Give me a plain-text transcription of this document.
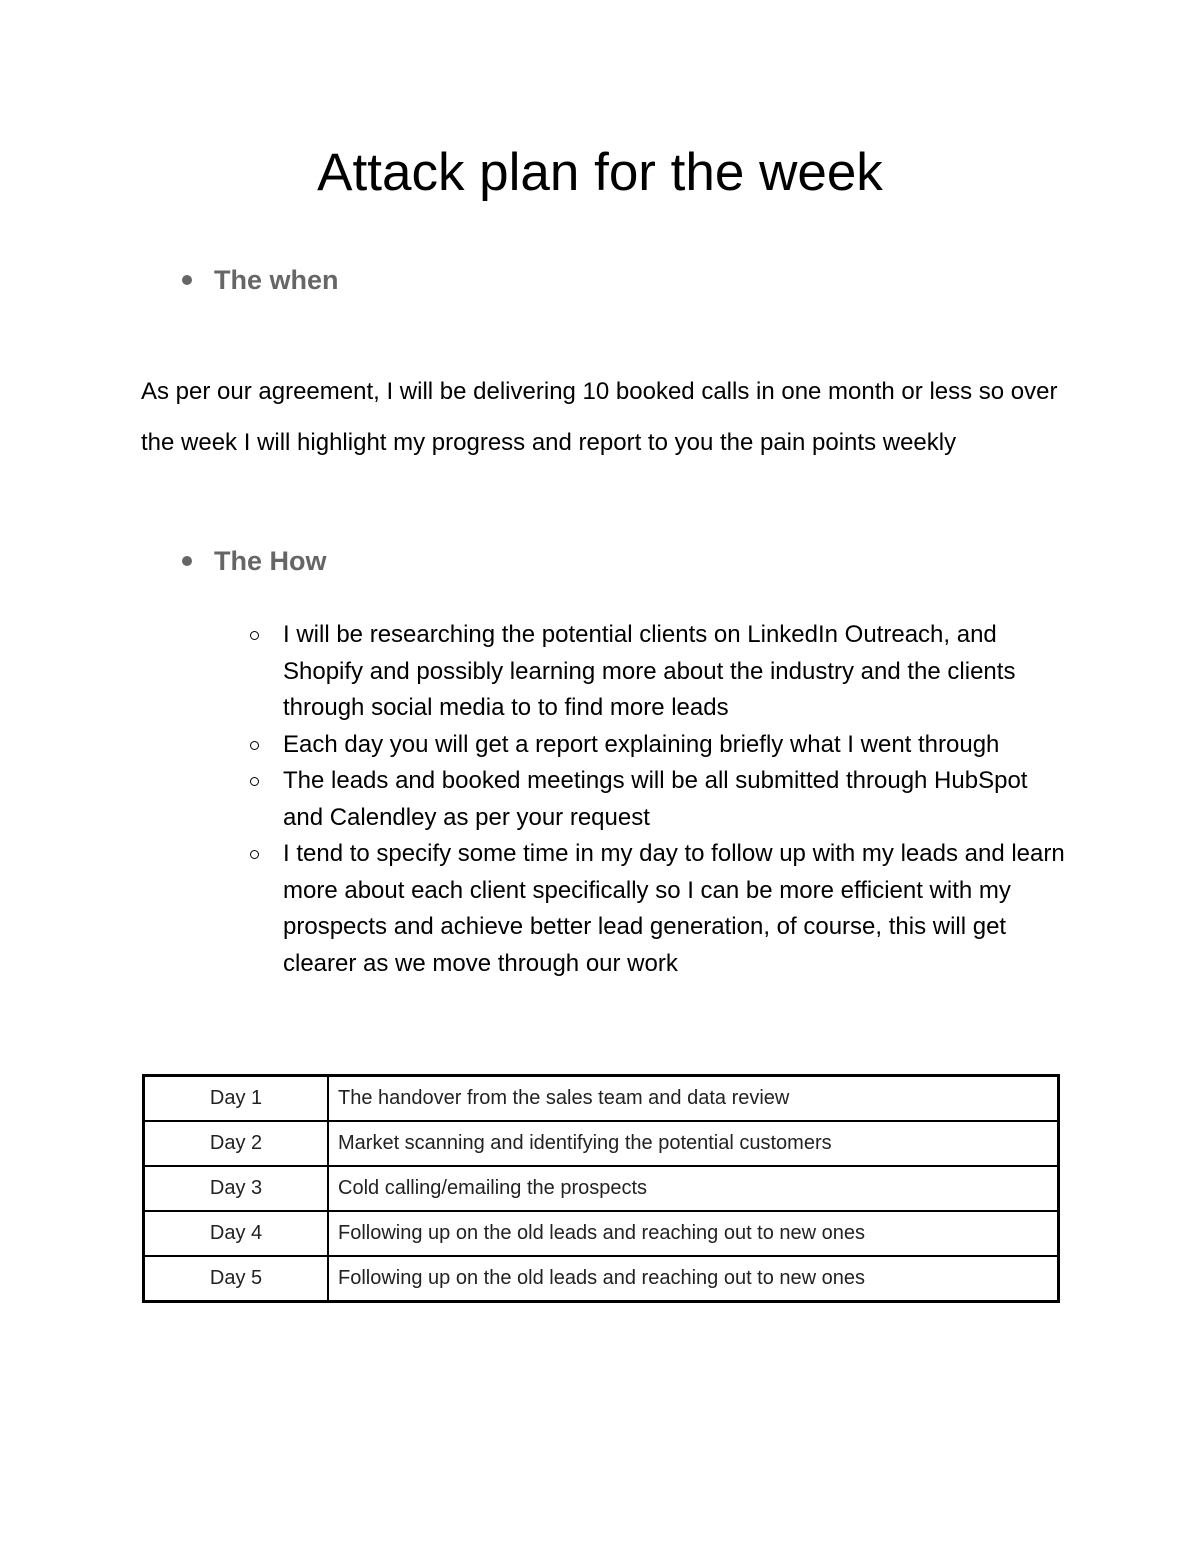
Attack plan for the week
The when

As per our agreement, I will be delivering 10 booked calls in one month or less so over the week I will highlight my progress and report to you the pain points weekly

The How
I will be researching the potential clients on LinkedIn Outreach, and Shopify and possibly learning more about the industry and the clients through social media to to find more leads
Each day you will get a report explaining briefly what I went through
The leads and booked meetings will be all submitted through HubSpot and Calendley as per your request
I tend to specify some time in my day to follow up with my leads and learn more about each client specifically so I can be more efficient with my prospects and achieve better lead generation, of course, this will get clearer as we move through our work
Day 1	The handover from the sales team and data review
Day 2	Market scanning and identifying the potential customers
Day 3	Cold calling/emailing the prospects
Day 4	Following up on the old leads and reaching out to new ones
Day 5	Following up on the old leads and reaching out to new ones
